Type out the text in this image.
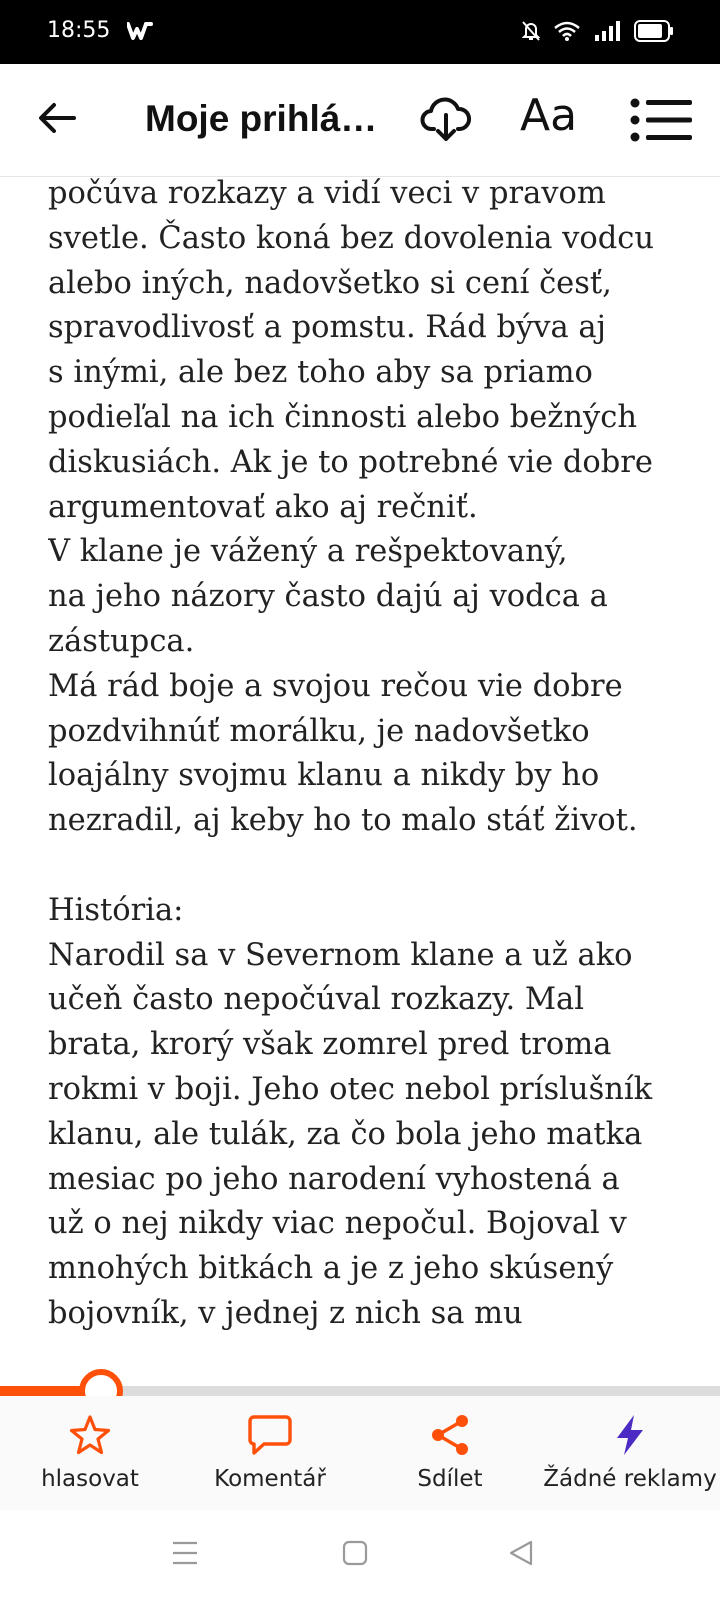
18:55
Moje prihlá…	Aa

počúva rozkazy a vidí veci v pravom

svetle. Často koná bez dovolenia vodcu

alebo iných, nadovšetko si cení česť,

spravodlivosť a pomstu. Rád býva aj

s inými, ale bez toho aby sa priamo

podieľal na ich činnosti alebo bežných

diskusiách. Ak je to potrebné vie dobre

argumentovať ako aj rečniť.

V klane je vážený a rešpektovaný,

na jeho názory často dajú aj vodca a

zástupca.

Má rád boje a svojou rečou vie dobre

pozdvihnúť morálku, je nadovšetko

loajálny svojmu klanu a nikdy by ho

nezradil, aj keby ho to malo stáť život.

História:

Narodil sa v Severnom klane a už ako

učeň často nepočúval rozkazy. Mal

brata, krorý však zomrel pred troma

rokmi v boji. Jeho otec nebol príslušník

klanu, ale tulák, za čo bola jeho matka

mesiac po jeho narodení vyhostená a

už o nej nikdy viac nepočul. Bojoval v

mnohých bitkách a je z jeho skúsený

bojovník, v jednej z nich sa mu

hlasovat	Komentář	Sdílet	Žádné reklamy
